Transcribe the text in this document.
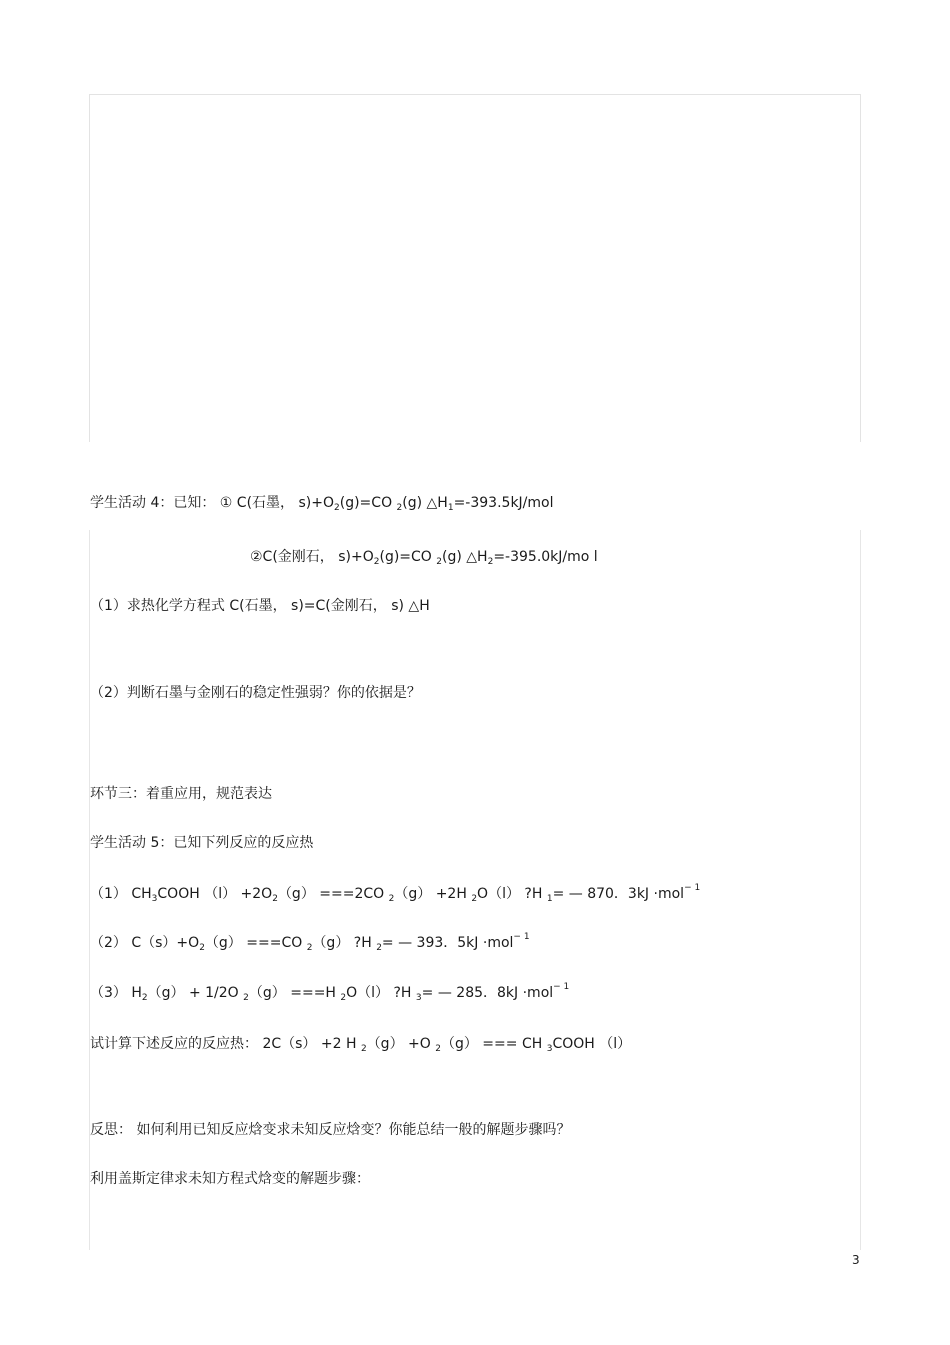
学生活动 4：已知： ① C(石墨， $s)+O_2(g)=CO$ $_2$(g) $\triangle H_1=-393.5kJ$/mol
②C(金刚石， $s)+O_2(g)=CO$ $_2$(g) $\triangle H_2=-395.0kJ/mo$ l
（1）求热化学方程式 C(石墨， s)=C(金刚石， s) △H
（2）判断石墨与金刚石的稳定性强弱？你的依据是？
环节三：着重应用，规范表达
学生活动 5：已知下列反应的反应热
（1） $CH_3COOH$ $(l) +2O_2(g) ===2CO$ $_2$（g） +2H $_2$O（l） ?H $_1$= — 870．3kJ ·mol$^{- 1}$
（2） $C(s)+O_2(g) ===CO$ $_2$（g） ?H $_2$= — 393．5kJ ·mol$^{- 1}$
（3） $H_2(g) + 1/2O$ $_2$（g） ===H $_2$O（l） ?H $_3$= — 285．8kJ ·mol$^{- 1}$
试计算下述反应的反应热： 2C（s） +2 H $_2$（g） +O $_2$（g） === CH $_3$COOH （l）
反思： 如何利用已知反应焓变求未知反应焓变？你能总结一般的解题步骤吗？
利用盖斯定律求未知方程式焓变的解题步骤：
3
